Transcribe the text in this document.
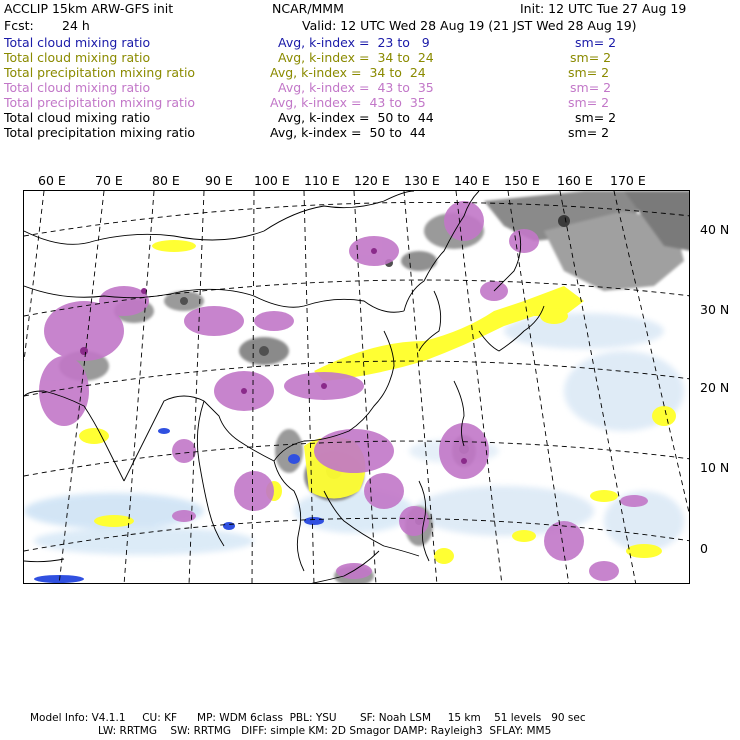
ACCLIP 15km ARW-GFS init	NCAR/MMM	Init: 12 UTC Tue 27 Aug 19
Fcst: 24 h	Valid: 12 UTC Wed 28 Aug 19 (21 JST Wed 28 Aug 19)
Total cloud mixing ratio	Avg, k-index =  23 to   9	sm= 2
Total cloud mixing ratio	Avg, k-index =  34 to  24	sm= 2
Total precipitation mixing ratio	Avg, k-index =  34 to  24	sm= 2
Total cloud mixing ratio	Avg, k-index =  43 to  35	sm= 2
Total precipitation mixing ratio	Avg, k-index =  43 to  35	sm= 2
Total cloud mixing ratio	Avg, k-index =  50 to  44	sm= 2
Total precipitation mixing ratio	Avg, k-index =  50 to  44	sm= 2
60 E 70 E 80 E 90 E 100 E 110 E 120 E 130 E 140 E 150 E 160 E 170 E
40 N
30 N
20 N
10 N
0
Model Info: V4.1.1     CU: KF      MP: WDM 6class  PBL: YSU       SF: Noah LSM     15 km    51 levels   90 sec
LW: RRTMG    SW: RRTMG   DIFF: simple KM: 2D Smagor DAMP: Rayleigh3  SFLAY: MM5
